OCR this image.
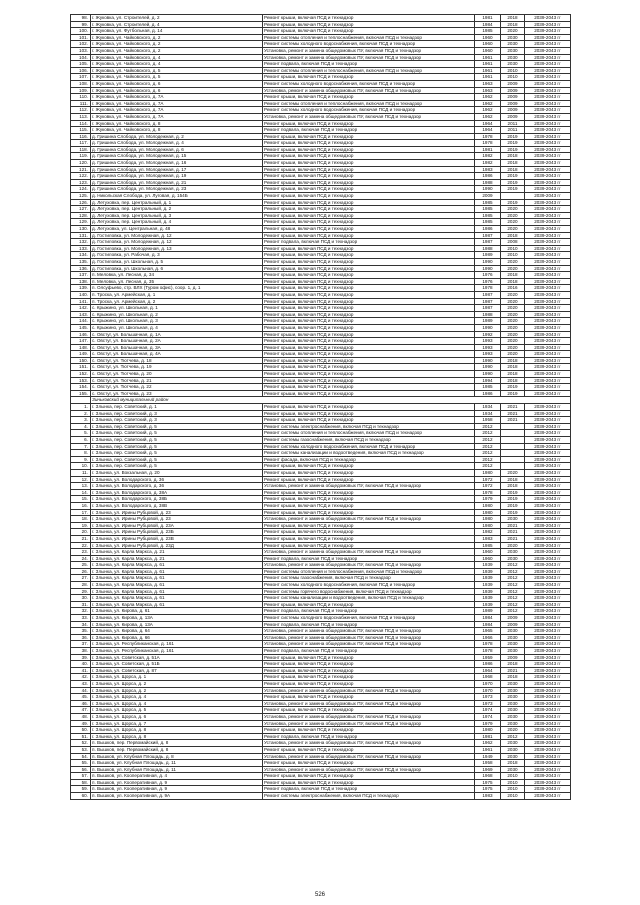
98.	г. Жуковка, ул. Строителей, д. 2	Ремонт крыши, включая ПСД и технадзор	1981	2018	2039-2043 гг
99.	г. Жуковка, ул. Строителей, д. 4	Ремонт крыши, включая ПСД и технадзор	1984	2018	2039-2043 гг
100.	г. Жуковка, ул. Футбольная, д. 14	Ремонт крыши, включая ПСД и технадзор	1985	2020	2039-2043 гг
101.	г. Жуковка, ул. Чайковского, д. 2	Ремонт системы отопления и теплоснабжения, включая ПСД и технадзор	1960	2030	2039-2043 гг
102.	г. Жуковка, ул. Чайковского, д. 2	Ремонт системы холодного водоснабжения, включая ПСД и технадзор	1960	2030	2039-2043 гг
103.	г. Жуковка, ул. Чайковского, д. 2	Установка, ремонт и замена общедомовых ПУ, включая ПСД и технадзор	1960	2030	2039-2043 гг
104.	г. Жуковка, ул. Чайковского, д. 4	Установка, ремонт и замена общедомовых ПУ, включая ПСД и технадзор	1961	2030	2039-2043 гг
105.	г. Жуковка, ул. Чайковского, д. 4	Ремонт подвала, включая ПСД и технадзор	1961	2030	2039-2043 гг
106.	г. Жуковка, ул. Чайковского, д. 5	Ремонт системы отопления и теплоснабжения, включая ПСД и технадзор	1961	2010	2039-2043 гг
107.	г. Жуковка, ул. Чайковского, д. 5	Ремонт крыши, включая ПСД и технадзор	1961	2010	2039-2043 гг
108.	г. Жуковка, ул. Чайковского, д. 6	Ремонт системы холодного водоснабжения, включая ПСД и технадзор	1963	2009	2039-2043 гг
109.	г. Жуковка, ул. Чайковского, д. 6	Установка, ремонт и замена общедомовых ПУ, включая ПСД и технадзор	1963	2009	2039-2043 гг
110.	г. Жуковка, ул. Чайковского, д. 7А	Ремонт крыши, включая ПСД и технадзор	1962	2009	2039-2043 гг
111.	г. Жуковка, ул. Чайковского, д. 7А	Ремонт системы отопления и теплоснабжения, включая ПСД и технадзор	1962	2009	2039-2043 гг
112.	г. Жуковка, ул. Чайковского, д. 7А	Ремонт системы холодного водоснабжения, включая ПСД и технадзор	1962	2009	2039-2043 гг
113.	г. Жуковка, ул. Чайковского, д. 7А	Установка, ремонт и замена общедомовых ПУ, включая ПСД и технадзор	1962	2009	2039-2043 гг
114.	г. Жуковка, ул. Чайковского, д. 8	Ремонт крыши, включая ПСД и технадзор	1964	2011	2039-2043 гг
115.	г. Жуковка, ул. Чайковского, д. 8	Ремонт подвала, включая ПСД и технадзор	1964	2011	2039-2043 гг
116.	д. Гришина Слобода, ул. Молодежная, д. 2	Ремонт крыши, включая ПСД и технадзор	1978	2019	2039-2043 гг
117.	д. Гришина Слобода, ул. Молодежная, д. 4	Ремонт крыши, включая ПСД и технадзор	1978	2019	2039-2043 гг
118.	д. Гришина Слобода, ул. Молодежная, д. 6	Ремонт крыши, включая ПСД и технадзор	1981	2019	2039-2043 гг
119.	д. Гришина Слобода, ул. Молодежная, д. 15	Ремонт крыши, включая ПСД и технадзор	1982	2018	2039-2043 гг
120.	д. Гришина Слобода, ул. Молодежная, д. 16	Ремонт крыши, включая ПСД и технадзор	1982	2018	2039-2043 гг
121.	д. Гришина Слобода, ул. Молодежная, д. 17	Ремонт крыши, включая ПСД и технадзор	1983	2018	2039-2043 гг
122.	д. Гришина Слобода, ул. Молодежная, д. 19	Ремонт крыши, включая ПСД и технадзор	1986	2019	2039-2043 гг
123.	д. Гришина Слобода, ул. Молодежная, д. 21	Ремонт крыши, включая ПСД и технадзор	1988	2019	2039-2043 гг
124.	д. Гришина Слобода, ул. Молодежная, д. 23	Ремонт крыши, включая ПСД и технадзор	1990	2019	2039-2043 гг
125.	д. Никольская Слобода, ул. Луговая, д. 154Б	Ремонт крыши, включая ПСД и технадзор	2009		2039-2043 гг
126.	д. Летуховка, пер. Центральный, д. 1	Ремонт крыши, включая ПСД и технадзор	1985	2019	2039-2043 гг
127.	д. Летуховка, пер. Центральный, д. 2	Ремонт крыши, включая ПСД и технадзор	1985	2020	2039-2043 гг
128.	д. Летуховка, пер. Центральный, д. 3	Ремонт крыши, включая ПСД и технадзор	1985	2020	2039-2043 гг
129.	д. Летуховка, пер. Центральный, д. 4	Ремонт крыши, включая ПСД и технадзор	1985	2020	2039-2043 гг
130.	д. Летуховка, ул. Центральная, д. 48	Ремонт крыши, включая ПСД и технадзор	1986	2020	2039-2043 гг
131.	д. Гостиловка, ул. Молодежная, д. 12	Ремонт крыши, включая ПСД и технадзор	1987	2018	2039-2043 гг
132.	д. Гостиловка, ул. Молодежная, д. 12	Ремонт подвала, включая ПСД и технадзор	1987	2008	2039-2043 гг
133.	д. Гостиловка, ул. Молодежная, д. 13	Ремонт крыши, включая ПСД и технадзор	1988	2010	2039-2043 гг
134.	д. Гостиловка, ул. Рабочая, д. 3	Ремонт крыши, включая ПСД и технадзор	1989	2010	2039-2043 гг
135.	д. Гостиловка, ул. Школьная, д. 5	Ремонт крыши, включая ПСД и технадзор	1990	2020	2039-2043 гг
136.	д. Гостиловка, ул. Школьная, д. 6	Ремонт крыши, включая ПСД и технадзор	1990	2020	2039-2043 гг
137.	п. Меловка, ул. Лесная, д. 34	Ремонт крыши, включая ПСД и технадзор	1976	2018	2039-2043 гг
138.	п. Меловка, ул. Лесная, д. 35	Ремонт крыши, включая ПСД и технадзор	1976	2018	2039-2043 гг
139.	п. Олсуфьево, стр. ВЛХ (Туром офис), соор. 1, д. 1	Ремонт крыши, включая ПСД и технадзор	1978	2016	2039-2043 гг
140.	п. Троска, ул. Армейская, д. 1	Ремонт крыши, включая ПСД и технадзор	1987	2020	2039-2043 гг
141.	п. Троска, ул. Армейская, д. 2	Ремонт крыши, включая ПСД и технадзор	1987	2020	2039-2043 гг
142.	с. Крыжино, ул. Школьная, д. 1	Ремонт крыши, включая ПСД и технадзор	1987	2020	2039-2043 гг
143.	с. Крыжино, ул. Школьная, д. 2	Ремонт крыши, включая ПСД и технадзор	1988	2020	2039-2043 гг
144.	с. Крыжино, ул. Школьная, д. 3	Ремонт крыши, включая ПСД и технадзор	1989	2020	2039-2043 гг
145.	с. Крыжино, ул. Школьная, д. 4	Ремонт крыши, включая ПСД и технадзор	1990	2020	2039-2043 гг
146.	с. Овстуг, ул. Большачная, д. 1А	Ремонт крыши, включая ПСД и технадзор	1992	2020	2039-2043 гг
147.	с. Овстуг, ул. Большачная, д. 2А	Ремонт крыши, включая ПСД и технадзор	1993	2020	2039-2043 гг
148.	с. Овстуг, ул. Большачная, д. 3А	Ремонт крыши, включая ПСД и технадзор	1993	2020	2039-2043 гг
149.	с. Овстуг, ул. Большачная, д. 4А	Ремонт крыши, включая ПСД и технадзор	1993	2020	2039-2043 гг
150.	с. Овстуг, ул. Тютчева, д. 18	Ремонт крыши, включая ПСД и технадзор	1990	2018	2039-2043 гг
151.	с. Овстуг, ул. Тютчева, д. 19	Ремонт крыши, включая ПСД и технадзор	1990	2018	2039-2043 гг
152.	с. Овстуг, ул. Тютчева, д. 20	Ремонт крыши, включая ПСД и технадзор	1990	2018	2039-2043 гг
153.	с. Овстуг, ул. Тютчева, д. 21	Ремонт крыши, включая ПСД и технадзор	1994	2018	2039-2043 гг
154.	с. Овстуг, ул. Тютчева, д. 22	Ремонт крыши, включая ПСД и технадзор	1985	2019	2039-2043 гг
155.	с. Овстуг, ул. Тютчева, д. 23	Ремонт крыши, включая ПСД и технадзор	1986	2019	2039-2043 гг
	Зиньковский муниципальный район				
1.	г. Злынка, пер. Советский, д. 1	Ремонт крыши, включая ПСД и технадзор	1934	2021	2039-2043 гг
2.	г. Злынка, пер. Советский, д. 3	Ремонт крыши, включая ПСД и технадзор	1934	2021	2039-2043 гг
3.	г. Злынка, пер. Советский, д. 3	Ремонт крыши, включая ПСД и технадзор	1958	2021	2039-2043 гг
4.	г. Злынка, пер. Советский, д. 5	Ремонт системы электроснабжения, включая ПСД и технадзор	2012		2039-2043 гг
5.	г. Злынка, пер. Советский, д. 5	Ремонт системы отопления и теплоснабжения, включая ПСД и технадзор	2012		2039-2043 гг
6.	г. Злынка, пер. Советский, д. 5	Ремонт системы газоснабжения, включая ПСД и технадзор	2012		2039-2043 гг
7.	г. Злынка, пер. Советский, д. 5	Ремонт системы холодного водоснабжения, включая ПСД и технадзор	2012		2039-2043 гг
8.	г. Злынка, пер. Советский, д. 5	Ремонт системы канализации и водоотведения, включая ПСД и технадзор	2012		2039-2043 гг
9.	г. Злынка, пер. Советский, д. 5	Ремонт фасада, включая ПСД и технадзор	2012		2039-2043 гг
10.	г. Злынка, пер. Советский, д. 5	Ремонт крыши, включая ПСД и технадзор	2012		2039-2043 гг
11.	г. Злынка, ул. Вокзальная, д. 20	Ремонт крыши, включая ПСД и технадзор	1980	2020	2039-2043 гг
12.	г. Злынка, ул. Володарского, д. 36	Ремонт крыши, включая ПСД и технадзор	1972	2018	2039-2043 гг
13.	г. Злынка, ул. Володарского, д. 36	Установка, ремонт и замена общедомовых ПУ, включая ПСД и технадзор	1972	2018	2039-2043 гг
14.	г. Злынка, ул. Володарского, д. 38А	Ремонт крыши, включая ПСД и технадзор	1978	2019	2039-2043 гг
15.	г. Злынка, ул. Володарского, д. 38Б	Ремонт крыши, включая ПСД и технадзор	1979	2019	2039-2043 гг
16.	г. Злынка, ул. Володарского, д. 38В	Ремонт крыши, включая ПСД и технадзор	1980	2019	2039-2043 гг
17.	г. Злынка, ул. Ирины Рубцовой, д. 23	Ремонт крыши, включая ПСД и технадзор	1980	2019	2039-2043 гг
18.	г. Злынка, ул. Ирины Рубцовой, д. 23	Установка, ремонт и замена общедомовых ПУ, включая ПСД и технадзор	1980	2030	2039-2043 гг
19.	г. Злынка, ул. Ирины Рубцовой, д. 23А	Ремонт крыши, включая ПСД и технадзор	1980	2021	2039-2043 гг
20.	г. Злынка, ул. Ирины Рубцовой, д. 23Б	Ремонт крыши, включая ПСД и технадзор	1982	2021	2039-2043 гг
21.	г. Злынка, ул. Ирины Рубцовой, д. 23В	Ремонт крыши, включая ПСД и технадзор	1983	2021	2039-2043 гг
22.	г. Злынка, ул. Ирины Рубцовой, д. 23Д	Ремонт крыши, включая ПСД и технадзор	1985	2020	2039-2043 гг
23.	г. Злынка, ул. Карла Маркса, д. 21	Установка, ремонт и замена общедомовых ПУ, включая ПСД и технадзор	1960	2030	2039-2043 гг
24.	г. Злынка, ул. Карла Маркса, д. 21	Ремонт подвала, включая ПСД и технадзор	1960	2030	2039-2043 гг
25.	г. Злынка, ул. Карла Маркса, д. 61	Установка, ремонт и замена общедомовых ПУ, включая ПСД и технадзор	1939	2012	2039-2043 гг
26.	г. Злынка, ул. Карла Маркса, д. 61	Ремонт системы отопления и теплоснабжения, включая ПСД и технадзор	1939	2012	2039-2043 гг
27.	г. Злынка, ул. Карла Маркса, д. 61	Ремонт системы газоснабжения, включая ПСД и технадзор	1939	2012	2039-2043 гг
28.	г. Злынка, ул. Карла Маркса, д. 61	Ремонт системы холодного водоснабжения, включая ПСД и технадзор	1939	2012	2039-2043 гг
29.	г. Злынка, ул. Карла Маркса, д. 61	Ремонт системы горячего водоснабжения, включая ПСД и технадзор	1939	2012	2039-2043 гг
30.	г. Злынка, ул. Карла Маркса, д. 61	Ремонт системы канализации и водоотведения, включая ПСД и технадзор	1939	2012	2039-2043 гг
31.	г. Злынка, ул. Карла Маркса, д. 61	Ремонт крыши, включая ПСД и технадзор	1939	2012	2039-2043 гг
32.	г. Злынка, ул. Кирова, д. 61	Ремонт подвала, включая ПСД и технадзор	1989	2012	2039-2043 гг
33.	г. Злынка, ул. Кирова, д. 13А	Ремонт системы холодного водоснабжения, включая ПСД и технадзор	1984	2009	2039-2043 гг
34.	г. Злынка, ул. Кирова, д. 13А	Ремонт подвала, включая ПСД и технадзор	1984	2009	2039-2043 гг
35.	г. Злынка, ул. Кирова, д. 64	Установка, ремонт и замена общедомовых ПУ, включая ПСД и технадзор	1965	2030	2039-2043 гг
36.	г. Злынка, ул. Кирова, д. 66	Установка, ремонт и замена общедомовых ПУ, включая ПСД и технадзор	1966	2030	2039-2043 гг
37.	г. Злынка, ул. Республиканская, д. 161	Установка, ремонт и замена общедомовых ПУ, включая ПСД и технадзор	1978	2030	2039-2043 гг
38.	г. Злынка, ул. Республиканская, д. 161	Ремонт подвала, включая ПСД и технадзор	1978	2030	2039-2043 гг
39.	г. Злынка, ул. Советская, д. 51А	Ремонт крыши, включая ПСД и технадзор	1959	2009	2039-2043 гг
40.	г. Злынка, ул. Советская, д. 51Б	Ремонт крыши, включая ПСД и технадзор	1986	2018	2039-2043 гг
41.	г. Злынка, ул. Советская, д. 87	Ремонт крыши, включая ПСД и технадзор	1964	2021	2039-2043 гг
42.	г. Злынка, ул. Щорса, д. 1	Ремонт крыши, включая ПСД и технадзор	1968	2018	2039-2043 гг
43.	г. Злынка, ул. Щорса, д. 2	Ремонт крыши, включая ПСД и технадзор	1970	2030	2039-2043 гг
44.	г. Злынка, ул. Щорса, д. 2	Установка, ремонт и замена общедомовых ПУ, включая ПСД и технадзор	1970	2030	2039-2043 гг
45.	г. Злынка, ул. Щорса, д. 4	Ремонт крыши, включая ПСД и технадзор	1973	2030	2039-2043 гг
46.	г. Злынка, ул. Щорса, д. 4	Установка, ремонт и замена общедомовых ПУ, включая ПСД и технадзор	1973	2030	2039-2043 гг
47.	г. Злынка, ул. Щорса, д. 5	Ремонт крыши, включая ПСД и технадзор	1974	2030	2039-2043 гг
48.	г. Злынка, ул. Щорса, д. 6	Установка, ремонт и замена общедомовых ПУ, включая ПСД и технадзор	1974	2030	2039-2043 гг
49.	г. Злынка, ул. Щорса, д. 7	Установка, ремонт и замена общедомовых ПУ, включая ПСД и технадзор	1979	2030	2039-2043 гг
50.	г. Злынка, ул. Щорса, д. 8	Ремонт крыши, включая ПСД и технадзор	1980	2020	2039-2043 гг
51.	г. Злынка, ул. Щорса, д. 8	Ремонт подвала, включая ПСД и технадзор	1981	2012	2039-2043 гг
52.	п. Вышков, пер. Первомайский, д. 8	Установка, ремонт и замена общедомовых ПУ, включая ПСД и технадзор	1962	2030	2039-2043 гг
53.	п. Вышков, пер. Первомайский, д. 8	Ремонт крыши, включая ПСД и технадзор	1961	2030	2039-2043 гг
54.	п. Вышков, ул. Клубная Площадь, д. 8	Установка, ремонт и замена общедомовых ПУ, включая ПСД и технадзор	1949	2030	2039-2043 гг
55.	п. Вышков, ул. Клубная Площадь, д. 11	Ремонт крыши, включая ПСД и технадзор	1958	2018	2039-2043 гг
56.	п. Вышков, ул. Клубная Площадь, д. 11	Установка, ремонт и замена общедомовых ПУ, включая ПСД и технадзор	1969	2030	2039-2043 гг
57.	п. Вышков, ул. Кооперативная, д. 4	Ремонт крыши, включая ПСД и технадзор	1968	2010	2039-2043 гг
58.	п. Вышков, ул. Кооперативная, д. 9	Ремонт крыши, включая ПСД и технадзор	1975	2010	2039-2043 гг
59.	п. Вышков, ул. Кооперативная, д. 9	Ремонт подвала, включая ПСД и технадзор	1975	2010	2039-2043 гг
60.	п. Вышков, ул. Кооперативная, д. 9А	Ремонт системы электроснабжения, включая ПСД и технадзор	1983	2010	2039-2043 гг
526
